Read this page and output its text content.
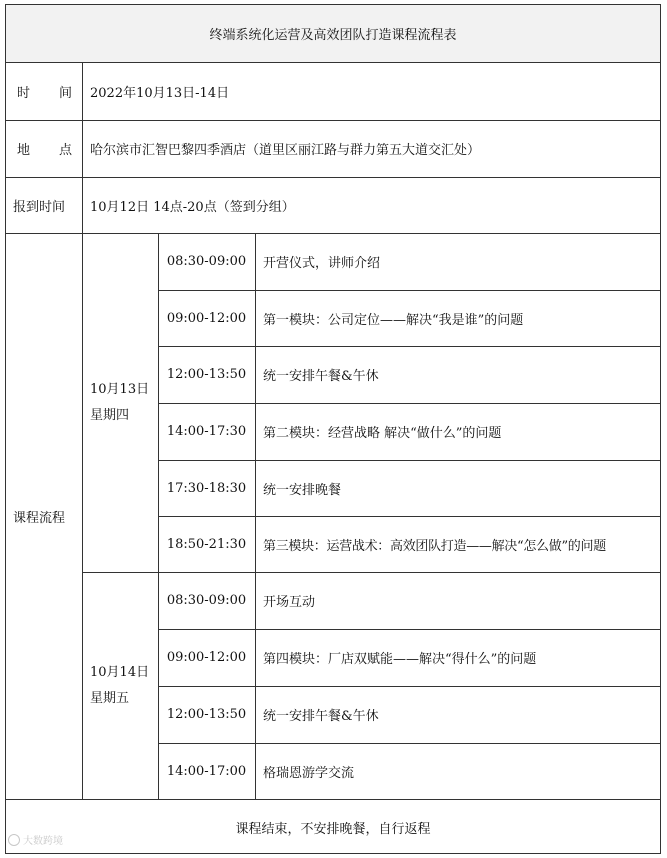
终端系统化运营及高效团队打造课程流程表
时 间	2022年10月13日-14日
地 点	哈尔滨市汇智巴黎四季酒店（道里区丽江路与群力第五大道交汇处）
报到时间	10月12日 14点-20点（签到分组）
课程流程
10月13日
星期四
08:30-09:00	开营仪式，讲师介绍
09:00-12:00	第一模块：公司定位——解决“我是谁”的问题
12:00-13:50	统一安排午餐&午休
14:00-17:30	第二模块：经营战略 解决“做什么”的问题
17:30-18:30	统一安排晚餐
18:50-21:30	第三模块：运营战术：高效团队打造——解决“怎么做”的问题
10月14日
星期五
08:30-09:00	开场互动
09:00-12:00	第四模块：厂店双赋能——解决“得什么”的问题
12:00-13:50	统一安排午餐&午休
14:00-17:00	格瑞恩游学交流
课程结束，不安排晚餐，自行返程
大数跨境
